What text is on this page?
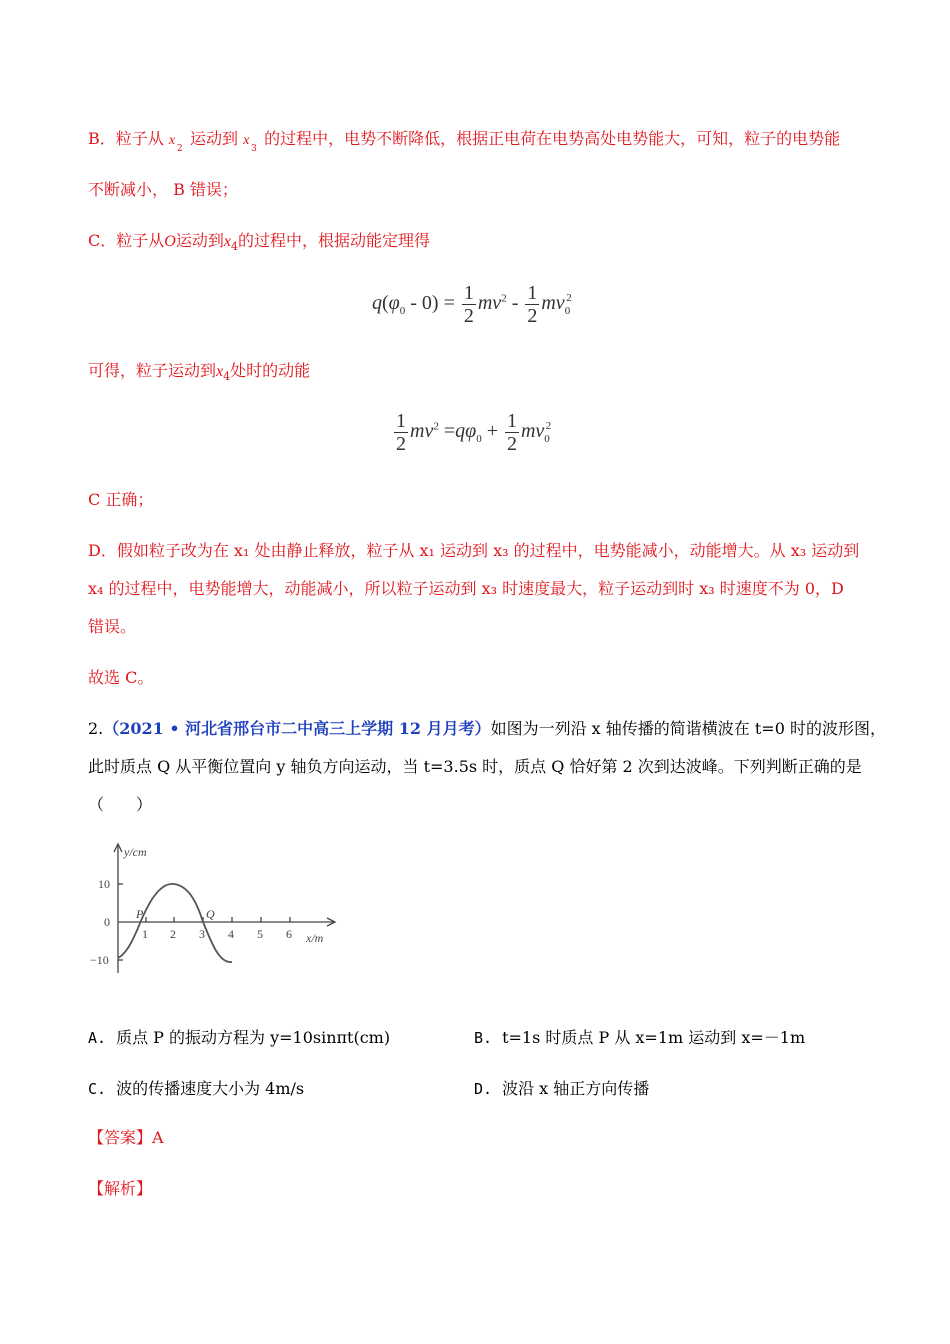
B．粒子从 x
2
运动到 x
3
的过程中，电势不断降低，根据正电荷在电势高处电势能大，可知，粒子的电势能
不断减小， B 错误；
C．粒子从O运动到$x_4$的过程中，根据动能定理得
$q(\varphi_0 - 0) = \frac{1}{2} mv^2 - \frac{1}{2} mv_0^2$
可得，粒子运动到$x_4$处时的动能
$\frac{1}{2} mv^2 =q\varphi_0 + \frac{1}{2} mv_0^2$
C 正确；
D．假如粒子改为在 x₁ 处由静止释放，粒子从 x₁ 运动到 x₃ 的过程中，电势能减小，动能增大。从 x₃ 运动到
x₄ 的过程中，电势能增大，动能减小，所以粒子运动到 x₃ 时速度最大，粒子运动到时 x₃ 时速度不为 0，D
错误。
故选 C。
2.（2021 • 河北省邢台市二中高三上学期 12 月月考）如图为一列沿 x 轴传播的简谐横波在 t=0 时的波形图，
此时质点 Q 从平衡位置向 y 轴负方向运动，当 t=3.5s 时，质点 Q 恰好第 2 次到达波峰。下列判断正确的是
（　　）
y/cm
x/m
10
0
−10
1 2 3 4 5 6
P	Q
A. 质点 P 的振动方程为 y=10sinπt(cm)	B. t=1s 时质点 P 从 x=1m 运动到 x=－1m
C. 波的传播速度大小为 4m/s	D. 波沿 x 轴正方向传播
【答案】A
【解析】
